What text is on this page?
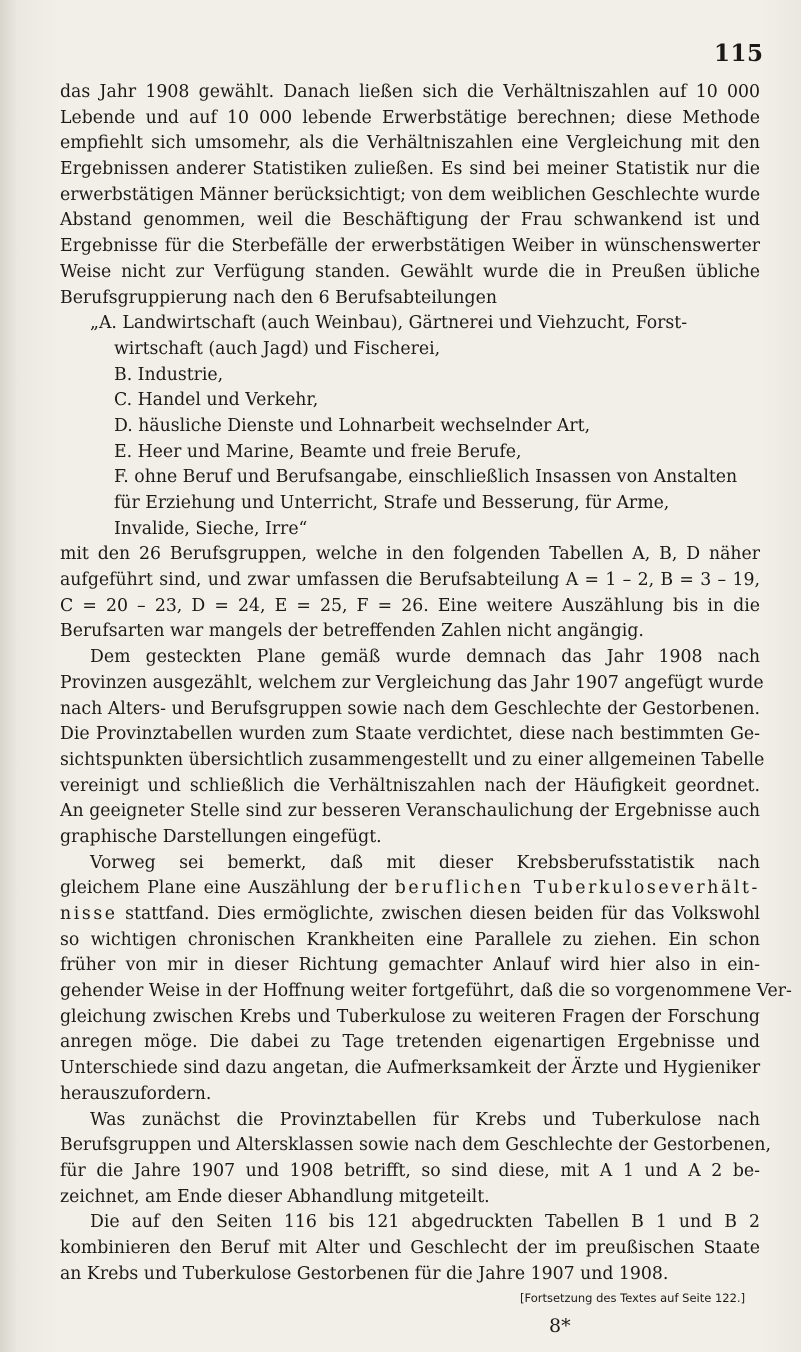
115
das Jahr 1908 gewählt. Danach ließen sich die Verhältniszahlen auf 10 000
Lebende und auf 10 000 lebende Erwerbstätige berechnen; diese Methode
empfiehlt sich umsomehr, als die Verhältniszahlen eine Vergleichung mit den
Ergebnissen anderer Statistiken zuließen. Es sind bei meiner Statistik nur die
erwerbstätigen Männer berücksichtigt; von dem weiblichen Geschlechte wurde
Abstand genommen, weil die Beschäftigung der Frau schwankend ist und
Ergebnisse für die Sterbefälle der erwerbstätigen Weiber in wünschenswerter
Weise nicht zur Verfügung standen. Gewählt wurde die in Preußen übliche
Berufsgruppierung nach den 6 Berufsabteilungen
„A. Landwirtschaft (auch Weinbau), Gärtnerei und Viehzucht, Forst-
wirtschaft (auch Jagd) und Fischerei,
B. Industrie,
C. Handel und Verkehr,
D. häusliche Dienste und Lohnarbeit wechselnder Art,
E. Heer und Marine, Beamte und freie Berufe,
F. ohne Beruf und Berufsangabe, einschließlich Insassen von Anstalten
für Erziehung und Unterricht, Strafe und Besserung, für Arme,
Invalide, Sieche, Irre“
mit den 26 Berufsgruppen, welche in den folgenden Tabellen A, B, D näher
aufgeführt sind, und zwar umfassen die Berufsabteilung A = 1 – 2, B = 3 – 19,
C = 20 – 23, D = 24, E = 25, F = 26. Eine weitere Auszählung bis in die
Berufsarten war mangels der betreffenden Zahlen nicht angängig.
Dem gesteckten Plane gemäß wurde demnach das Jahr 1908 nach
Provinzen ausgezählt, welchem zur Vergleichung das Jahr 1907 angefügt wurde
nach Alters- und Berufsgruppen sowie nach dem Geschlechte der Gestorbenen.
Die Provinztabellen wurden zum Staate verdichtet, diese nach bestimmten Ge-
sichtspunkten übersichtlich zusammengestellt und zu einer allgemeinen Tabelle
vereinigt und schließlich die Verhältniszahlen nach der Häufigkeit geordnet.
An geeigneter Stelle sind zur besseren Veranschaulichung der Ergebnisse auch
graphische Darstellungen eingefügt.
Vorweg sei bemerkt, daß mit dieser Krebsberufsstatistik nach
gleichem Plane eine Auszählung der beruflichen Tuberkuloseverhält-
nisse stattfand. Dies ermöglichte, zwischen diesen beiden für das Volkswohl
so wichtigen chronischen Krankheiten eine Parallele zu ziehen. Ein schon
früher von mir in dieser Richtung gemachter Anlauf wird hier also in ein-
gehender Weise in der Hoffnung weiter fortgeführt, daß die so vorgenommene Ver-
gleichung zwischen Krebs und Tuberkulose zu weiteren Fragen der Forschung
anregen möge. Die dabei zu Tage tretenden eigenartigen Ergebnisse und
Unterschiede sind dazu angetan, die Aufmerksamkeit der Ärzte und Hygieniker
herauszufordern.
Was zunächst die Provinztabellen für Krebs und Tuberkulose nach
Berufsgruppen und Altersklassen sowie nach dem Geschlechte der Gestorbenen,
für die Jahre 1907 und 1908 betrifft, so sind diese, mit A 1 und A 2 be-
zeichnet, am Ende dieser Abhandlung mitgeteilt.
Die auf den Seiten 116 bis 121 abgedruckten Tabellen B 1 und B 2
kombinieren den Beruf mit Alter und Geschlecht der im preußischen Staate
an Krebs und Tuberkulose Gestorbenen für die Jahre 1907 und 1908.
[Fortsetzung des Textes auf Seite 122.]
8*
